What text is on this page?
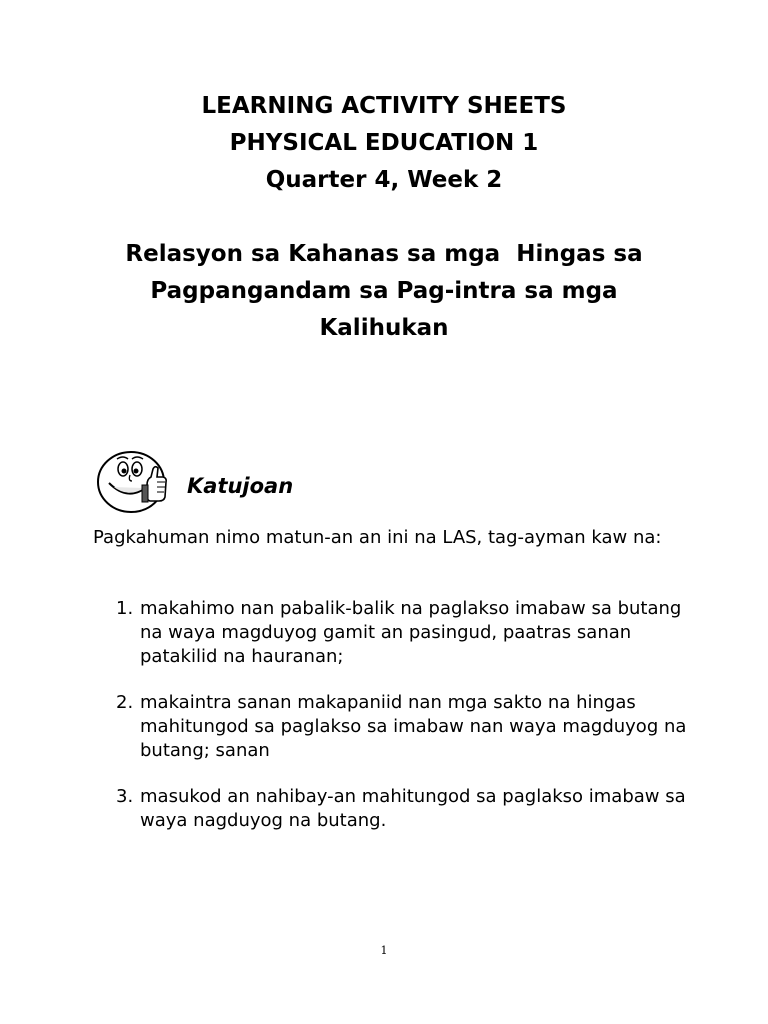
LEARNING ACTIVITY SHEETS
PHYSICAL EDUCATION 1
Quarter 4, Week 2
Relasyon sa Kahanas sa mga  Hingas sa
Pagpangandam sa Pag-intra sa mga
Kalihukan
Katujoan
Pagkahuman nimo matun-an an ini na LAS, tag-ayman kaw na:
1. makahimo nan pabalik-balik na paglakso imabaw sa butang na waya magduyog gamit an pasingud, paatras sanan patakilid na hauranan;
2. makaintra sanan makapaniid nan mga sakto na hingas mahitungod sa paglakso sa imabaw nan waya magduyog na butang; sanan
3. masukod an nahibay-an mahitungod sa paglakso imabaw sa waya nagduyog na butang.
1
